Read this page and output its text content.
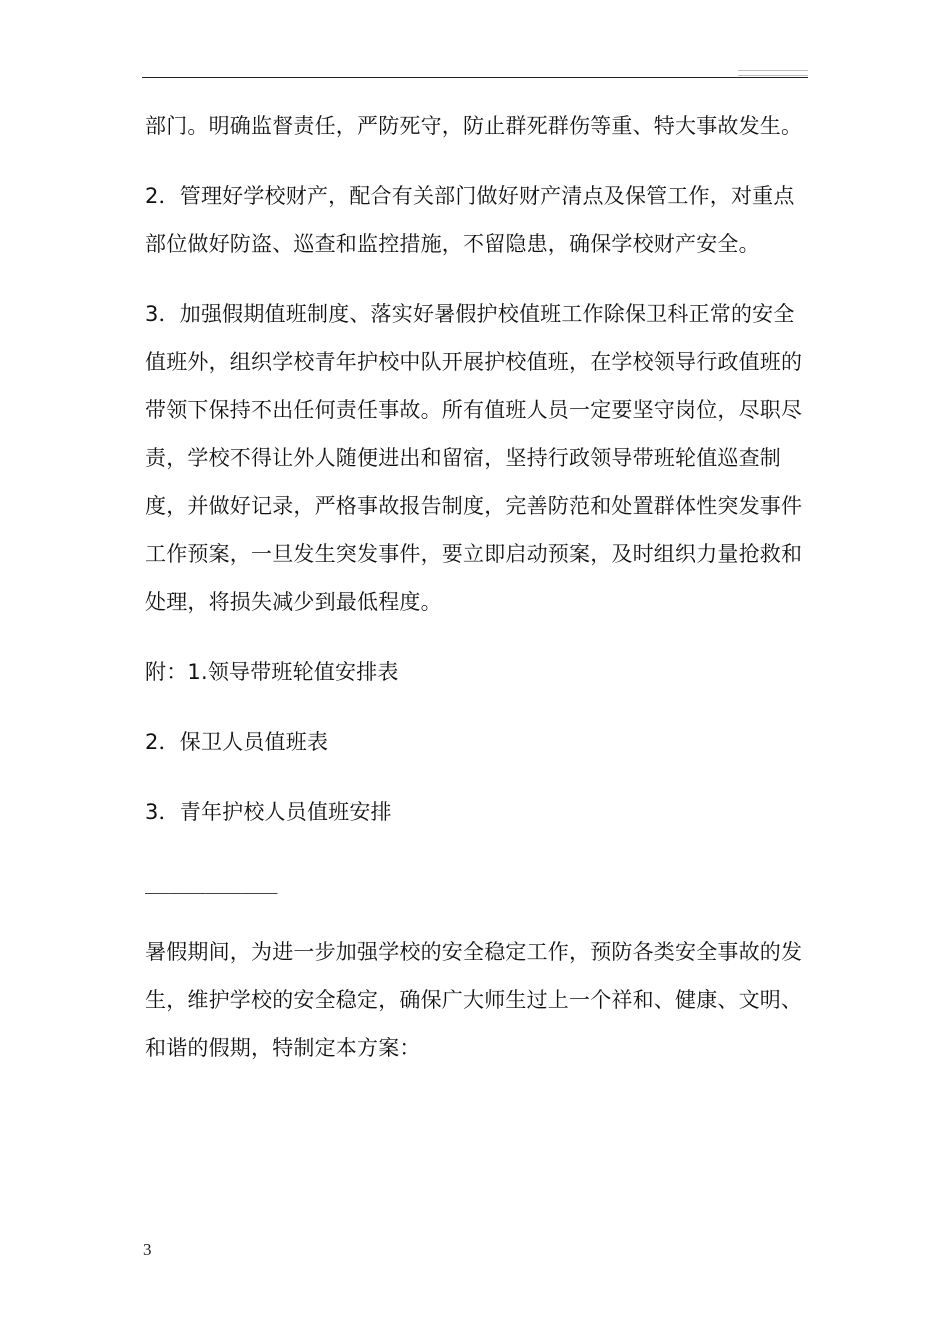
部门。明确监督责任，严防死守，防止群死群伤等重、特大事故发生。

2．管理好学校财产，配合有关部门做好财产清点及保管工作，对重点部位做好防盗、巡查和监控措施，不留隐患，确保学校财产安全。

3．加强假期值班制度、落实好暑假护校值班工作除保卫科正常的安全值班外，组织学校青年护校中队开展护校值班，在学校领导行政值班的带领下保持不出任何责任事故。所有值班人员一定要坚守岗位，尽职尽责，学校不得让外人随便进出和留宿，坚持行政领导带班轮值巡查制度，并做好记录，严格事故报告制度，完善防范和处置群体性突发事件工作预案，一旦发生突发事件，要立即启动预案，及时组织力量抢救和处理，将损失减少到最低程度。

附：1.领导带班轮值安排表

2．保卫人员值班表

3．青年护校人员值班安排

___________

暑假期间，为进一步加强学校的安全稳定工作，预防各类安全事故的发生，维护学校的安全稳定，确保广大师生过上一个祥和、健康、文明、和谐的假期，特制定本方案：

3
